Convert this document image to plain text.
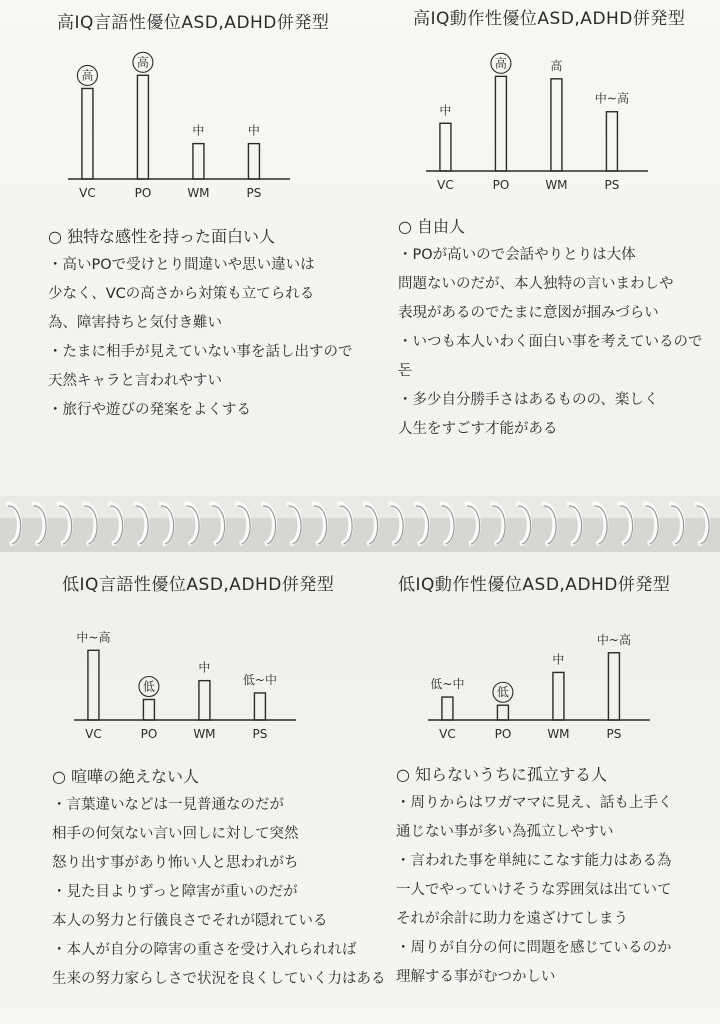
高IQ言語性優位ASD,ADHD併発型
高
VC
高
PO
中
WM
中
PS
○ 独特な感性を持った面白い人
・高いPOで受けとり間違いや思い違いは
少なく、VCの高さから対策も立てられる
為、障害持ちと気付き難い
・たまに相手が見えていない事を話し出すので
天然キャラと言われやすい
・旅行や遊びの発案をよくする
高IQ動作性優位ASD,ADHD併発型
中
VC
高
PO
高
WM
中~高
PS
○ 自由人
・POが高いので会話やりとりは大体
問題ないのだが、本人独特の言いまわしや
表現があるのでたまに意図が掴みづらい
・いつも本人いわく面白い事を考えているので
돈
・多少自分勝手さはあるものの、楽しく
人生をすごす才能がある
低IQ言語性優位ASD,ADHD併発型
中~高
VC
低
PO
中
WM
低~中
PS
○ 喧嘩の絶えない人
・言葉違いなどは一見普通なのだが
相手の何気ない言い回しに対して突然
怒り出す事があり怖い人と思われがち
・見た目よりずっと障害が重いのだが
本人の努力と行儀良さでそれが隠れている
・本人が自分の障害の重さを受け入れられれば
生来の努力家らしさで状況を良くしていく力はある
低IQ動作性優位ASD,ADHD併発型
低~中
VC
低
PO
中
WM
中~高
PS
○ 知らないうちに孤立する人
・周りからはワガママに見え、話も上手く
通じない事が多い為孤立しやすい
・言われた事を単純にこなす能力はある為
一人でやっていけそうな雰囲気は出ていて
それが余計に助力を遠ざけてしまう
・周りが自分の何に問題を感じているのか
理解する事がむつかしい
